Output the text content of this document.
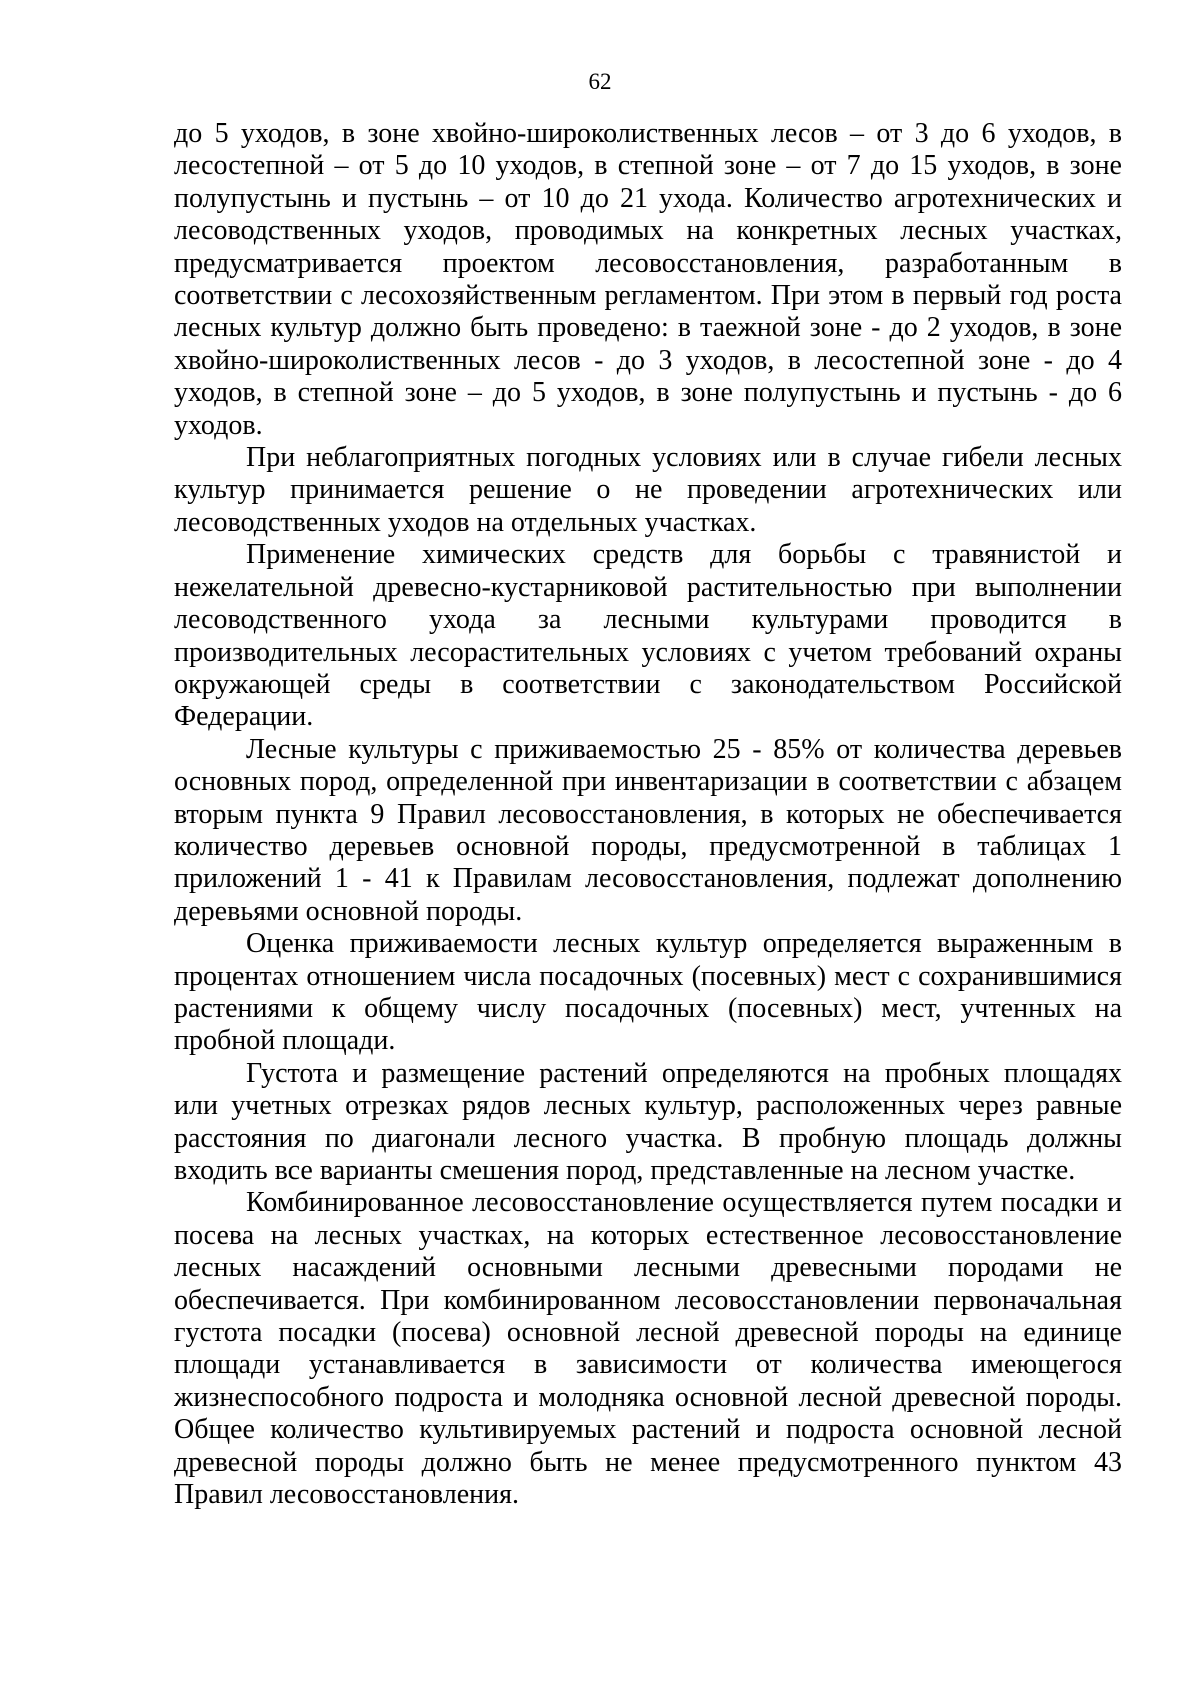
62

до 5 уходов, в зоне хвойно-широколиственных лесов – от 3 до 6 уходов, в лесостепной – от 5 до 10 уходов, в степной зоне – от 7 до 15 уходов, в зоне полупустынь и пустынь – от 10 до 21 ухода. Количество агротехнических и лесоводственных уходов, проводимых на конкретных лесных участках, предусматривается проектом лесовосстановления, разработанным в соответствии с лесохозяйственным регламентом. При этом в первый год роста лесных культур должно быть проведено: в таежной зоне - до 2 уходов, в зоне хвойно-широколиственных лесов - до 3 уходов, в лесостепной зоне - до 4 уходов, в степной зоне – до 5 уходов, в зоне полупустынь и пустынь - до 6 уходов.

При неблагоприятных погодных условиях или в случае гибели лесных культур принимается решение о не проведении агротехнических или лесоводственных уходов на отдельных участках.

Применение химических средств для борьбы с травянистой и нежелательной древесно-кустарниковой растительностью при выполнении лесоводственного ухода за лесными культурами проводится в производительных лесорастительных условиях с учетом требований охраны окружающей среды в соответствии с законодательством Российской Федерации.

Лесные культуры с приживаемостью 25 - 85% от количества деревьев основных пород, определенной при инвентаризации в соответствии с абзацем вторым пункта 9 Правил лесовосстановления, в которых не обеспечивается количество деревьев основной породы, предусмотренной в таблицах 1 приложений 1 - 41 к Правилам лесовосстановления, подлежат дополнению деревьями основной породы.

Оценка приживаемости лесных культур определяется выраженным в процентах отношением числа посадочных (посевных) мест с сохранившимися растениями к общему числу посадочных (посевных) мест, учтенных на пробной площади.

Густота и размещение растений определяются на пробных площадях или учетных отрезках рядов лесных культур, расположенных через равные расстояния по диагонали лесного участка. В пробную площадь должны входить все варианты смешения пород, представленные на лесном участке.

Комбинированное лесовосстановление осуществляется путем посадки и посева на лесных участках, на которых естественное лесовосстановление лесных насаждений основными лесными древесными породами не обеспечивается. При комбинированном лесовосстановлении первоначальная густота посадки (посева) основной лесной древесной породы на единице площади устанавливается в зависимости от количества имеющегося жизнеспособного подроста и молодняка основной лесной древесной породы. Общее количество культивируемых растений и подроста основной лесной древесной породы должно быть не менее предусмотренного пунктом 43 Правил лесовосстановления.
